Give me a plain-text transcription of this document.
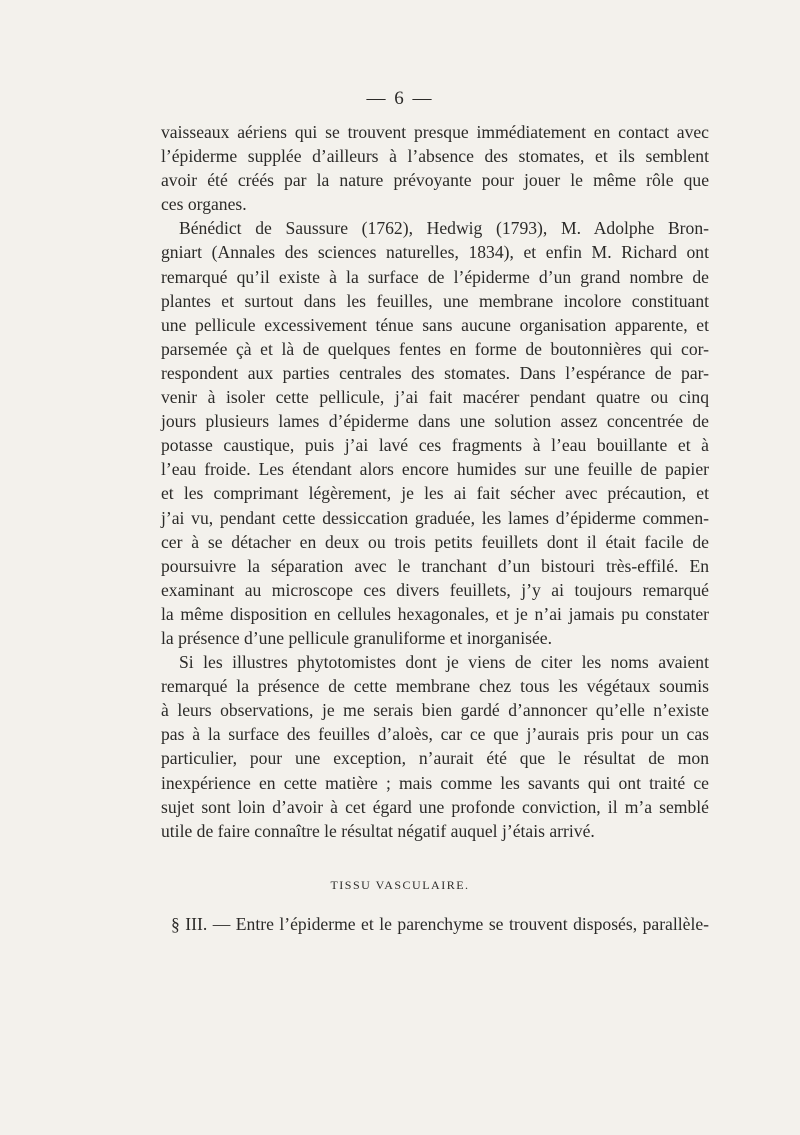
— 6 —
vaisseaux aériens qui se trouvent presque immédiatement en contact avec
l’épiderme supplée d’ailleurs à l’absence des stomates, et ils semblent
avoir été créés par la nature prévoyante pour jouer le même rôle que
ces organes.
Bénédict de Saussure (1762), Hedwig (1793), M. Adolphe Bron-
gniart (Annales des sciences naturelles, 1834), et enfin M. Richard ont
remarqué qu’il existe à la surface de l’épiderme d’un grand nombre de
plantes et surtout dans les feuilles, une membrane incolore constituant
une pellicule excessivement ténue sans aucune organisation apparente, et
parsemée çà et là de quelques fentes en forme de boutonnières qui cor-
respondent aux parties centrales des stomates. Dans l’espérance de par-
venir à isoler cette pellicule, j’ai fait macérer pendant quatre ou cinq
jours plusieurs lames d’épiderme dans une solution assez concentrée de
potasse caustique, puis j’ai lavé ces fragments à l’eau bouillante et à
l’eau froide. Les étendant alors encore humides sur une feuille de papier
et les comprimant légèrement, je les ai fait sécher avec précaution, et
j’ai vu, pendant cette dessiccation graduée, les lames d’épiderme commen-
cer à se détacher en deux ou trois petits feuillets dont il était facile de
poursuivre la séparation avec le tranchant d’un bistouri très-effilé. En
examinant au microscope ces divers feuillets, j’y ai toujours remarqué
la même disposition en cellules hexagonales, et je n’ai jamais pu constater
la présence d’une pellicule granuliforme et inorganisée.
Si les illustres phytotomistes dont je viens de citer les noms avaient
remarqué la présence de cette membrane chez tous les végétaux soumis
à leurs observations, je me serais bien gardé d’annoncer qu’elle n’existe
pas à la surface des feuilles d’aloès, car ce que j’aurais pris pour un cas
particulier, pour une exception, n’aurait été que le résultat de mon
inexpérience en cette matière ; mais comme les savants qui ont traité ce
sujet sont loin d’avoir à cet égard une profonde conviction, il m’a semblé
utile de faire connaître le résultat négatif auquel j’étais arrivé.
TISSU VASCULAIRE.
§ III. — Entre l’épiderme et le parenchyme se trouvent disposés, parallèle-
